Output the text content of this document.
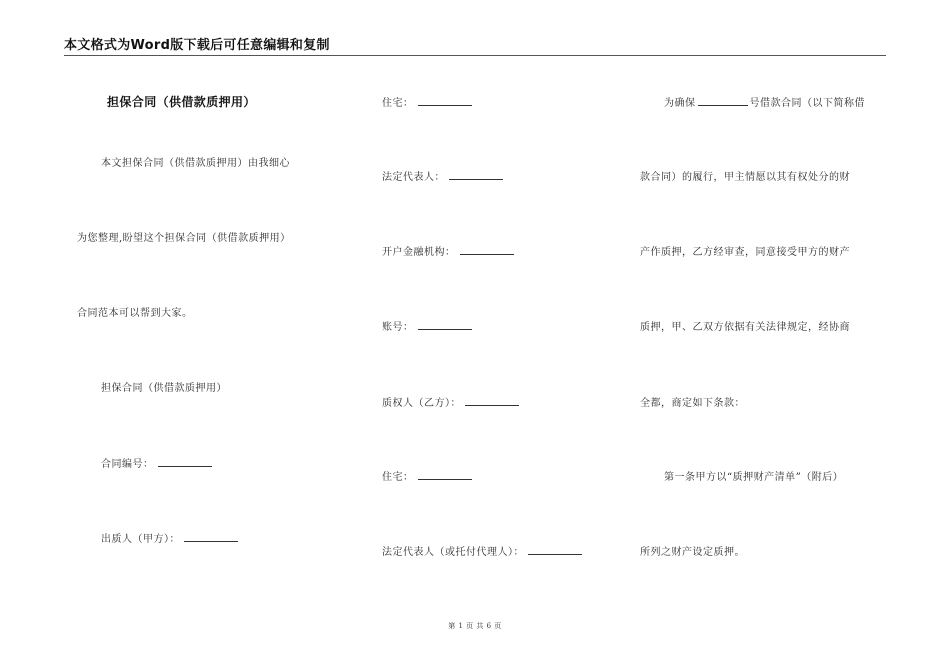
本文格式为Word版下载后可任意编辑和复制
担保合同（供借款质押用）
本文担保合同（供借款质押用）由我细心
为您整理,盼望这个担保合同（供借款质押用）
合同范本可以帮到大家。
担保合同（供借款质押用）
合同编号：
出质人（甲方）：
住宅：
法定代表人：
开户金融机构：
账号：
质权人（乙方）：
住宅：
法定代表人（或托付代理人）：
为确保	号借款合同（以下简称借
款合同）的履行，甲主情愿以其有权处分的财
产作质押，乙方经审查，同意接受甲方的财产
质押，甲、乙双方依据有关法律规定，经协商
全都，商定如下条款：
第一条甲方以“质押财产清单”（附后）
所列之财产设定质押。
第 1 页 共 6 页
